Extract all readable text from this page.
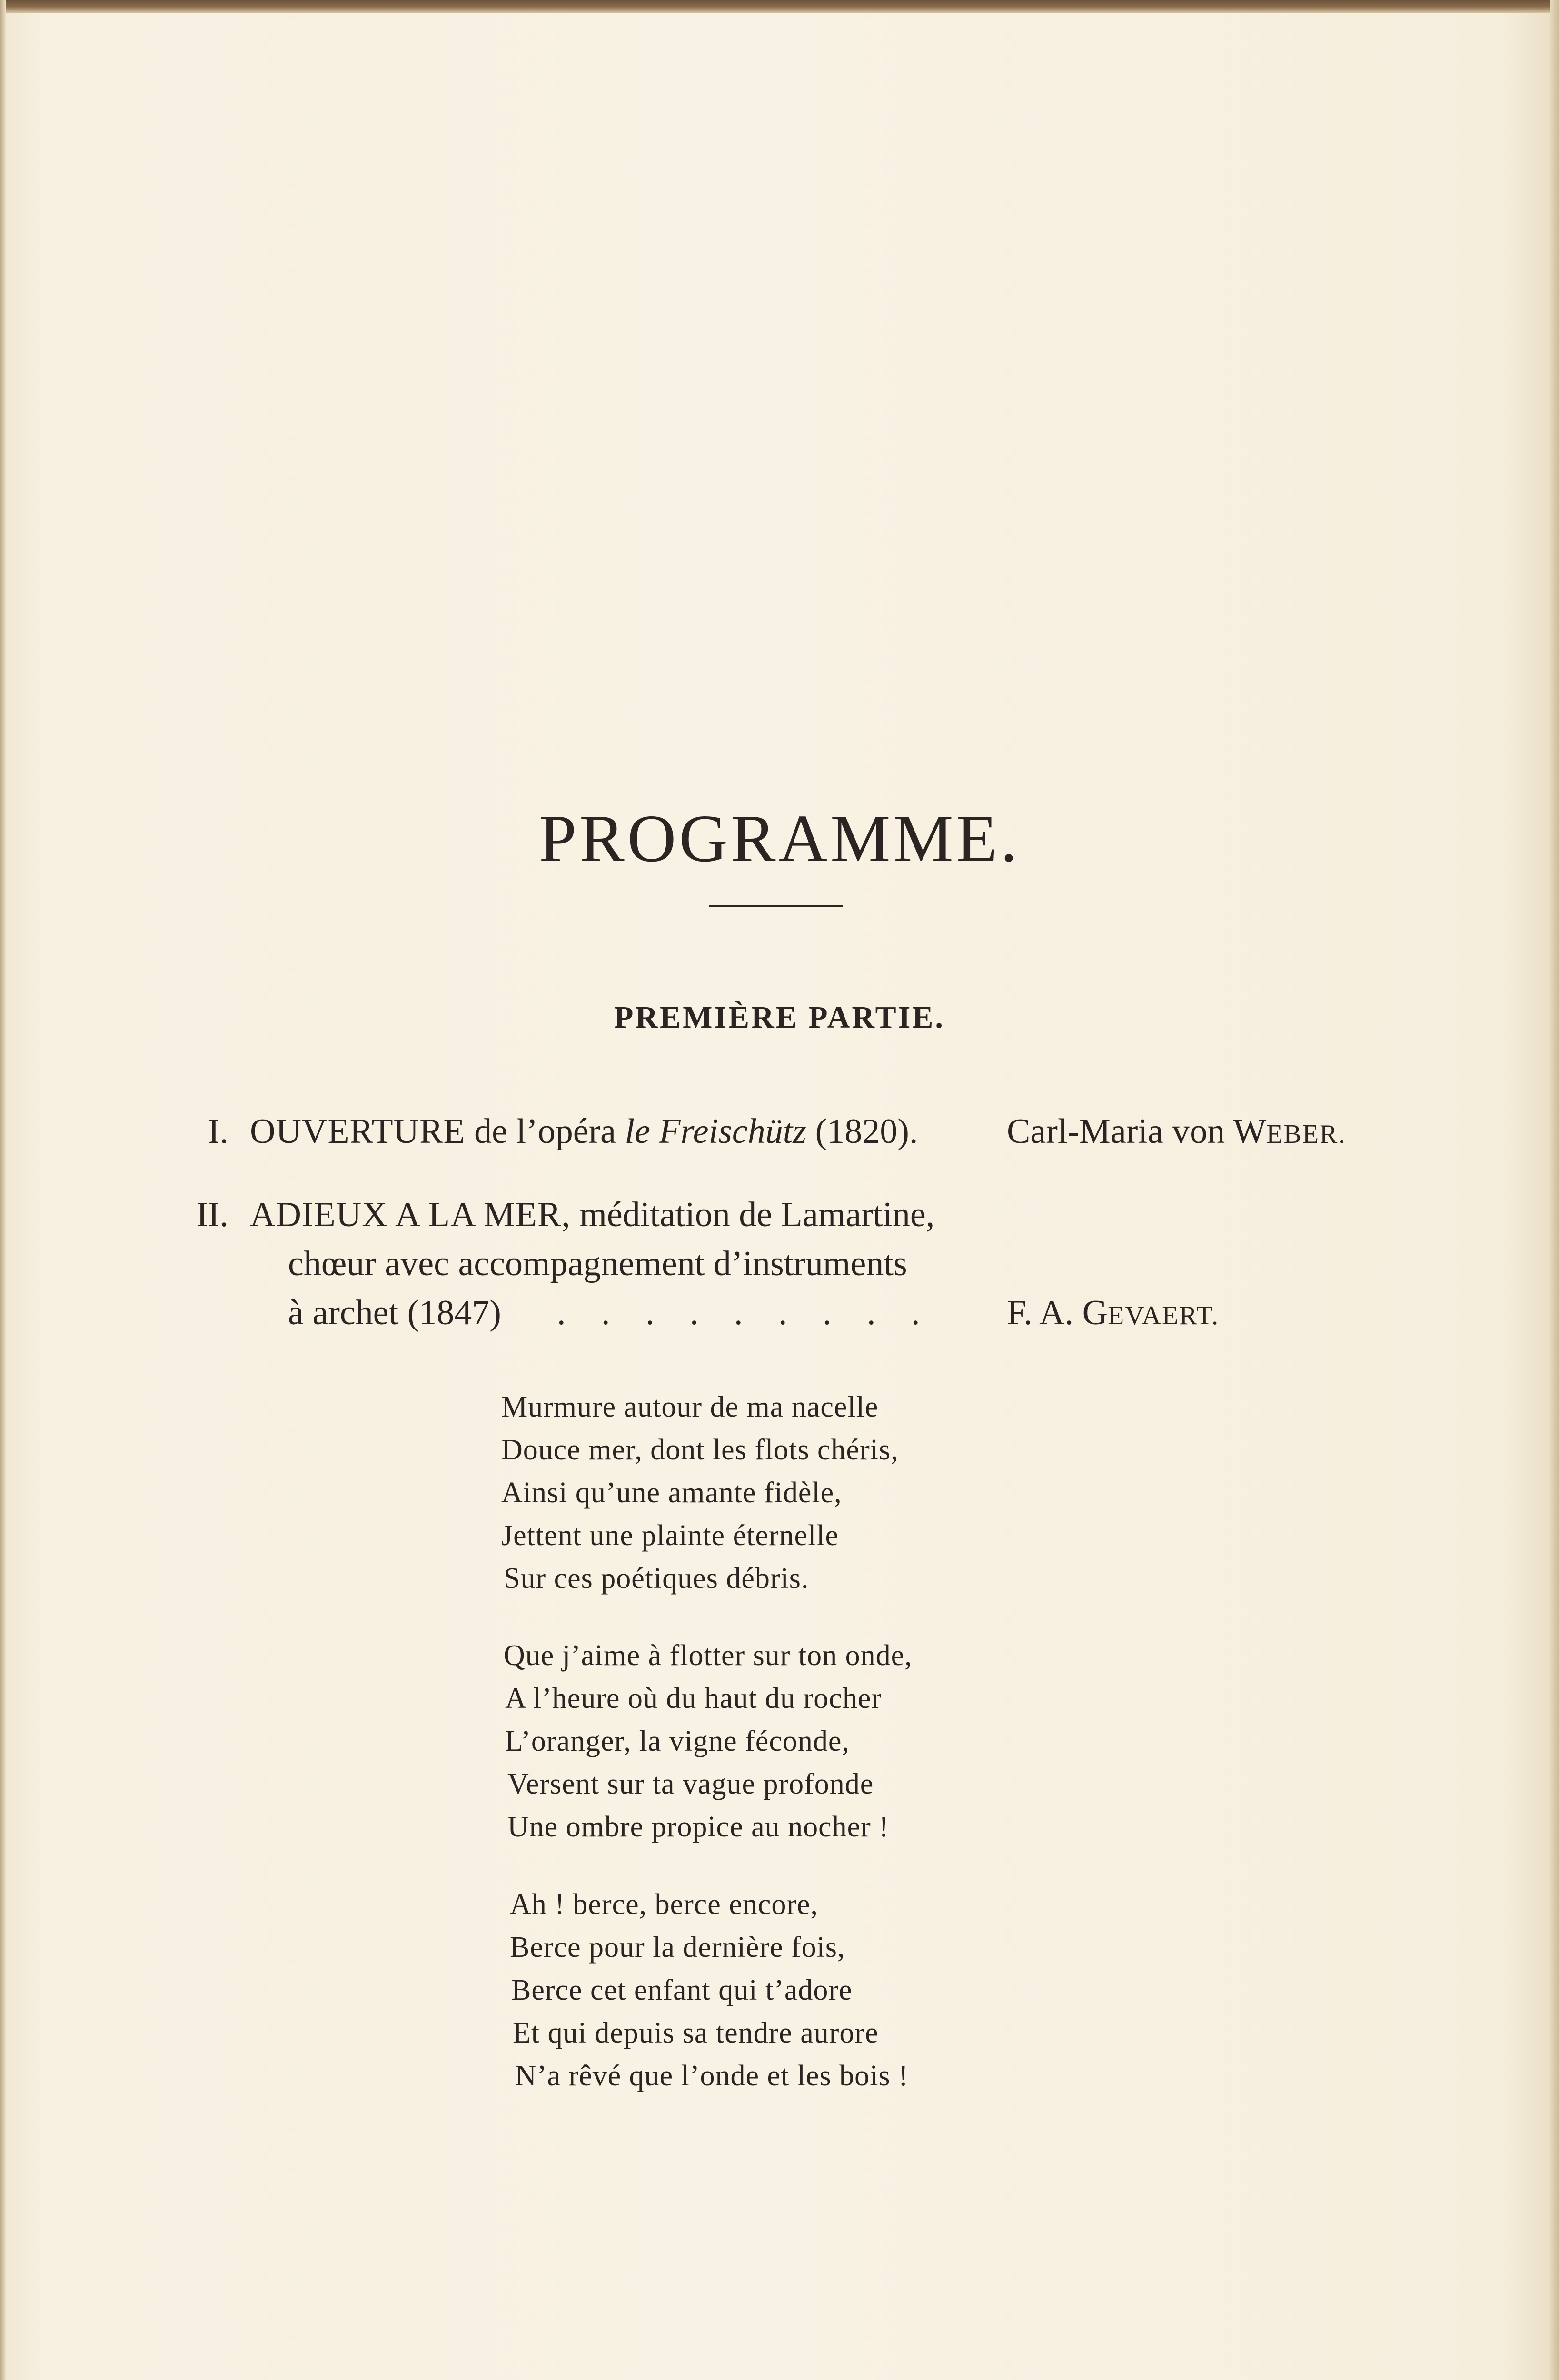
PROGRAMME.
PREMIÈRE PARTIE.
I. OUVERTURE de l’opéra le Freischütz (1820).	Carl-Maria von WEBER.
II. ADIEUX A LA MER, méditation de Lamartine,
chœur avec accompagnement d’instruments
à archet (1847) . . . . . . . . . F. A. GEVAERT.
Murmure autour de ma nacelle
Douce mer, dont les flots chéris,
Ainsi qu’une amante fidèle,
Jettent une plainte éternelle
Sur ces poétiques débris.
Que j’aime à flotter sur ton onde,
A l’heure où du haut du rocher
L’oranger, la vigne féconde,
Versent sur ta vague profonde
Une ombre propice au nocher !
Ah ! berce, berce encore,
Berce pour la dernière fois,
Berce cet enfant qui t’adore
Et qui depuis sa tendre aurore
N’a rêvé que l’onde et les bois !
